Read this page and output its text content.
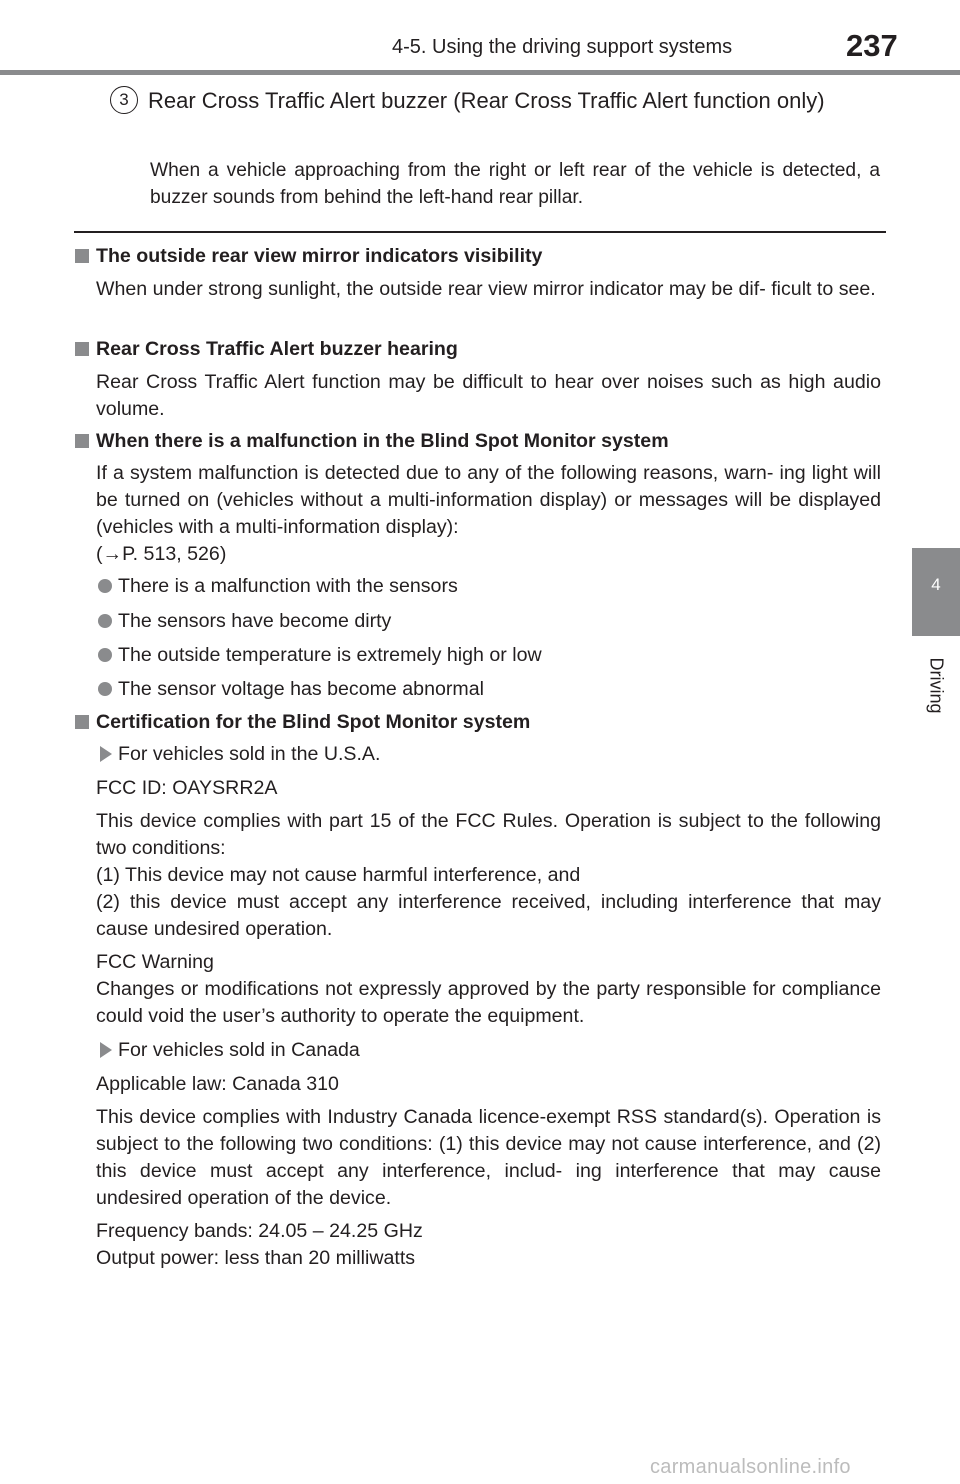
4-5. Using the driving support systems	237
4
Driving
3 Rear Cross Traffic Alert buzzer (Rear Cross Traffic Alert function only)
When a vehicle approaching from the right or left rear of the vehicle is detected, a buzzer sounds from behind the left-hand rear pillar.
The outside rear view mirror indicators visibility
When under strong sunlight, the outside rear view mirror indicator may be dif- ficult to see.
Rear Cross Traffic Alert buzzer hearing
Rear Cross Traffic Alert function may be difficult to hear over noises such as high audio volume.
When there is a malfunction in the Blind Spot Monitor system
If a system malfunction is detected due to any of the following reasons, warn- ing light will be turned on (vehicles without a multi-information display) or messages will be displayed (vehicles with a multi-information display):
(→P. 513, 526)
There is a malfunction with the sensors
The sensors have become dirty
The outside temperature is extremely high or low
The sensor voltage has become abnormal
Certification for the Blind Spot Monitor system
For vehicles sold in the U.S.A.
FCC ID: OAYSRR2A
This device complies with part 15 of the FCC Rules. Operation is subject to the following two conditions:
(1) This device may not cause harmful interference, and
(2) this device must accept any interference received, including interference that may cause undesired operation.
FCC Warning
Changes or modifications not expressly approved by the party responsible for compliance could void the user’s authority to operate the equipment.
For vehicles sold in Canada
Applicable law: Canada 310
This device complies with Industry Canada licence-exempt RSS standard(s). Operation is subject to the following two conditions: (1) this device may not cause interference, and (2) this device must accept any interference, includ- ing interference that may cause undesired operation of the device.
Frequency bands: 24.05 – 24.25 GHz
Output power: less than 20 milliwatts
carmanualsonline.info
